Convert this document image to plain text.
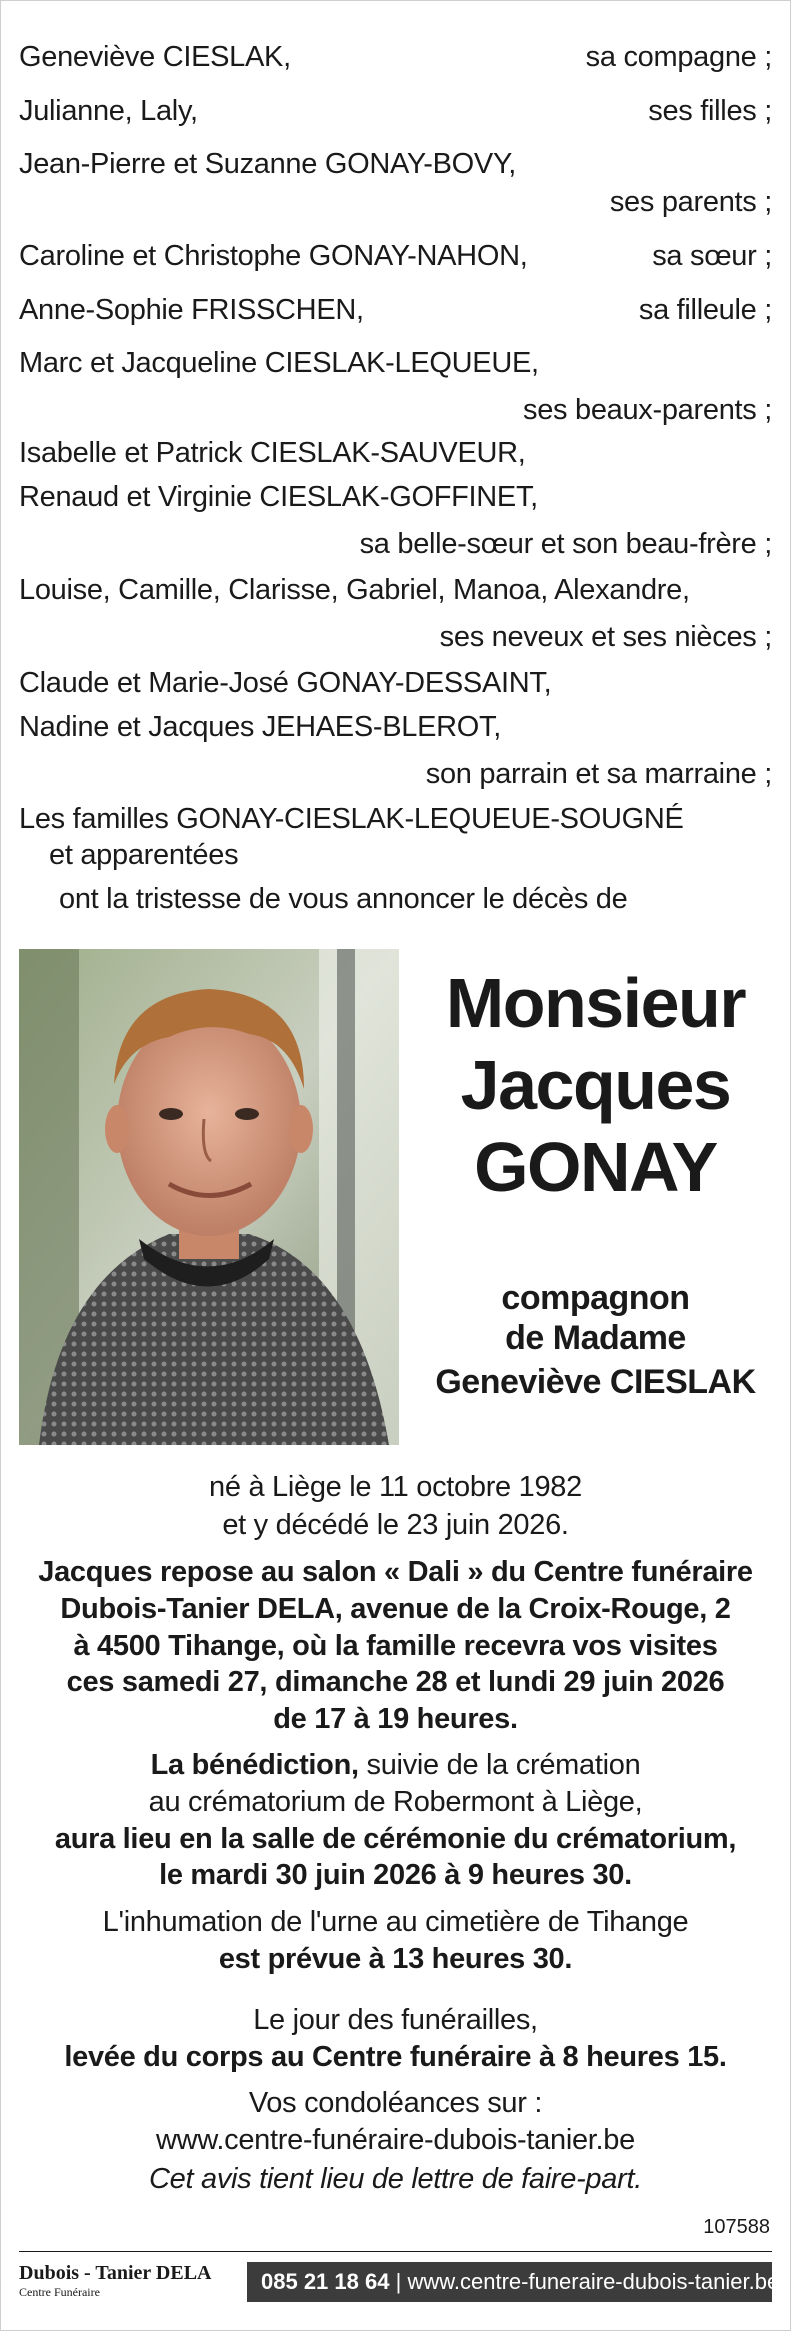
Geneviève CIESLAK,	sa compagne ;
Julianne, Laly,	ses filles ;
Jean-Pierre et Suzanne GONAY-BOVY,
ses parents ;
Caroline et Christophe GONAY-NAHON,	sa sœur ;
Anne-Sophie FRISSCHEN,	sa filleule ;
Marc et Jacqueline CIESLAK-LEQUEUE,
ses beaux-parents ;
Isabelle et Patrick CIESLAK-SAUVEUR,
Renaud et Virginie CIESLAK-GOFFINET,
sa belle-sœur et son beau-frère ;
Louise, Camille, Clarisse, Gabriel, Manoa, Alexandre,
ses neveux et ses nièces ;
Claude et Marie-José GONAY-DESSAINT,
Nadine et Jacques JEHAES-BLEROT,
son parrain et sa marraine ;
Les familles GONAY-CIESLAK-LEQUEUE-SOUGNÉ
et apparentées
ont la tristesse de vous annoncer le décès de
Monsieur
Jacques
GONAY
compagnon
de Madame
Geneviève CIESLAK
né à Liège le 11 octobre 1982
et y décédé le 23 juin 2026.
Jacques repose au salon « Dali » du Centre funéraire
Dubois-Tanier DELA, avenue de la Croix-Rouge, 2
à 4500 Tihange, où la famille recevra vos visites
ces samedi 27, dimanche 28 et lundi 29 juin 2026
de 17 à 19 heures.
La bénédiction, suivie de la crémation
au crématorium de Robermont à Liège,
aura lieu en la salle de cérémonie du crématorium,
le mardi 30 juin 2026 à 9 heures 30.
L'inhumation de l'urne au cimetière de Tihange
est prévue à 13 heures 30.
Le jour des funérailles,
levée du corps au Centre funéraire à 8 heures 15.
Vos condoléances sur :
www.centre-funéraire-dubois-tanier.be
Cet avis tient lieu de lettre de faire-part.
107588
Dubois - Tanier DELA
Centre Funéraire	085 21 18 64 | www.centre-funeraire-dubois-tanier.be
